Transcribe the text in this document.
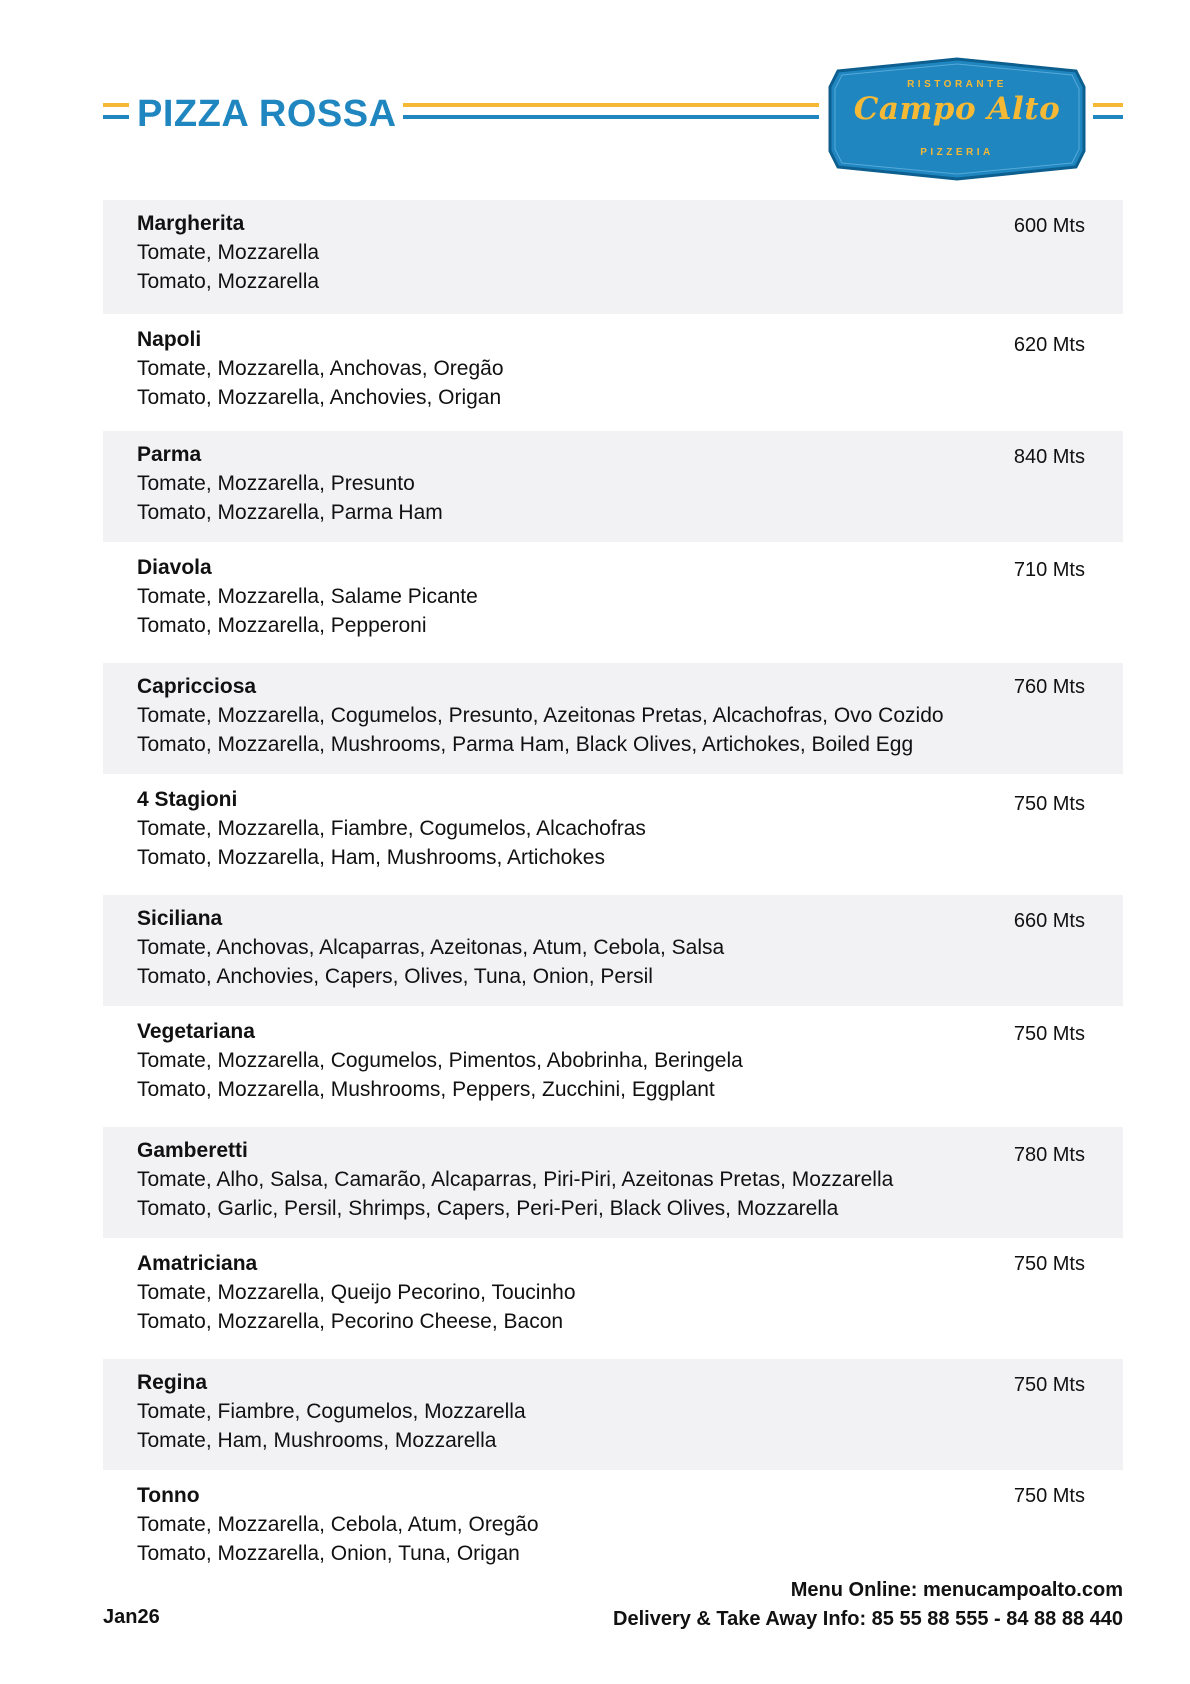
PIZZA ROSSA
RISTORANTE
Campo Alto
PIZZERIA
Margherita	600 Mts
Tomate, Mozzarella
Tomato, Mozzarella
Napoli	620 Mts
Tomate, Mozzarella, Anchovas, Oregão
Tomato, Mozzarella, Anchovies, Origan
Parma	840 Mts
Tomate, Mozzarella, Presunto
Tomato, Mozzarella, Parma Ham
Diavola	710 Mts
Tomate, Mozzarella, Salame Picante
Tomato, Mozzarella, Pepperoni
Capricciosa	760 Mts
Tomate, Mozzarella, Cogumelos, Presunto, Azeitonas Pretas, Alcachofras, Ovo Cozido
Tomato, Mozzarella, Mushrooms, Parma Ham, Black Olives, Artichokes, Boiled Egg
4 Stagioni	750 Mts
Tomate, Mozzarella, Fiambre, Cogumelos, Alcachofras
Tomato, Mozzarella, Ham, Mushrooms, Artichokes
Siciliana	660 Mts
Tomate, Anchovas, Alcaparras, Azeitonas, Atum, Cebola, Salsa
Tomato, Anchovies, Capers, Olives, Tuna, Onion, Persil
Vegetariana	750 Mts
Tomate, Mozzarella, Cogumelos, Pimentos, Abobrinha, Beringela
Tomato, Mozzarella, Mushrooms, Peppers, Zucchini, Eggplant
Gamberetti	780 Mts
Tomate, Alho, Salsa, Camarão, Alcaparras, Piri-Piri, Azeitonas Pretas, Mozzarella
Tomato, Garlic, Persil, Shrimps, Capers, Peri-Peri, Black Olives, Mozzarella
Amatriciana	750 Mts
Tomate, Mozzarella, Queijo Pecorino, Toucinho
Tomato, Mozzarella, Pecorino Cheese, Bacon
Regina	750 Mts
Tomate, Fiambre, Cogumelos, Mozzarella
Tomate, Ham, Mushrooms, Mozzarella
Tonno	750 Mts
Tomate, Mozzarella, Cebola, Atum, Oregão
Tomato, Mozzarella, Onion, Tuna, Origan
Jan26
Menu Online: menucampoalto.com
Delivery & Take Away Info: 85 55 88 555 - 84 88 88 440
